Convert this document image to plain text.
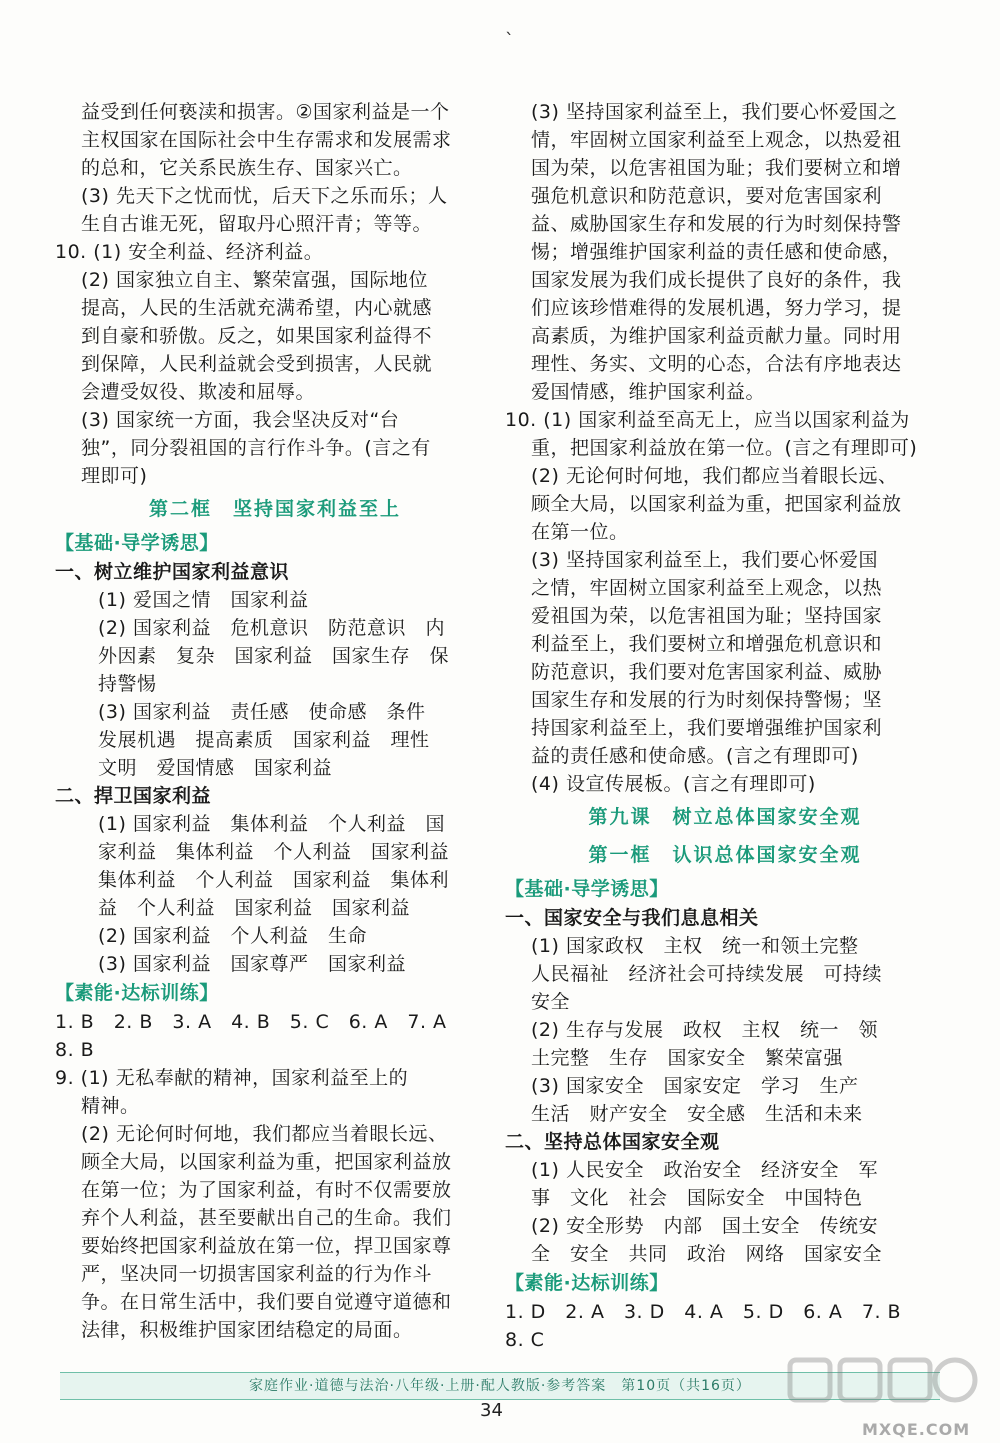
ˋ
益受到任何亵渎和损害。②国家利益是一个
主权国家在国际社会中生存需求和发展需求
的总和，它关系民族生存、国家兴亡。
(3) 先天下之忧而忧，后天下之乐而乐；人
生自古谁无死，留取丹心照汗青；等等。
10. (1) 安全利益、经济利益。
(2) 国家独立自主、繁荣富强，国际地位
提高，人民的生活就充满希望，内心就感
到自豪和骄傲。反之，如果国家利益得不
到保障，人民利益就会受到损害，人民就
会遭受奴役、欺凌和屈辱。
(3) 国家统一方面，我会坚决反对“台
独”，同分裂祖国的言行作斗争。(言之有
理即可)
第二框　坚持国家利益至上
【基础·导学诱思】
一、树立维护国家利益意识
(1) 爱国之情　国家利益
(2) 国家利益　危机意识　防范意识　内
外因素　复杂　国家利益　国家生存　保
持警惕
(3) 国家利益　责任感　使命感　条件
发展机遇　提高素质　国家利益　理性
文明　爱国情感　国家利益
二、捍卫国家利益
(1) 国家利益　集体利益　个人利益　国
家利益　集体利益　个人利益　国家利益
集体利益　个人利益　国家利益　集体利
益　个人利益　国家利益　国家利益
(2) 国家利益　个人利益　生命
(3) 国家利益　国家尊严　国家利益
【素能·达标训练】
1. B　2. B　3. A　4. B　5. C　6. A　7. A
8. B
9. (1) 无私奉献的精神，国家利益至上的
精神。
(2) 无论何时何地，我们都应当着眼长远、
顾全大局，以国家利益为重，把国家利益放
在第一位；为了国家利益，有时不仅需要放
弃个人利益，甚至要献出自己的生命。我们
要始终把国家利益放在第一位，捍卫国家尊
严，坚决同一切损害国家利益的行为作斗
争。在日常生活中，我们要自觉遵守道德和
法律，积极维护国家团结稳定的局面。
(3) 坚持国家利益至上，我们要心怀爱国之
情，牢固树立国家利益至上观念，以热爱祖
国为荣，以危害祖国为耻；我们要树立和增
强危机意识和防范意识，要对危害国家利
益、威胁国家生存和发展的行为时刻保持警
惕；增强维护国家利益的责任感和使命感，
国家发展为我们成长提供了良好的条件，我
们应该珍惜难得的发展机遇，努力学习，提
高素质，为维护国家利益贡献力量。同时用
理性、务实、文明的心态，合法有序地表达
爱国情感，维护国家利益。
10. (1) 国家利益至高无上，应当以国家利益为
重，把国家利益放在第一位。(言之有理即可)
(2) 无论何时何地，我们都应当着眼长远、
顾全大局，以国家利益为重，把国家利益放
在第一位。
(3) 坚持国家利益至上，我们要心怀爱国
之情，牢固树立国家利益至上观念，以热
爱祖国为荣，以危害祖国为耻；坚持国家
利益至上，我们要树立和增强危机意识和
防范意识，我们要对危害国家利益、威胁
国家生存和发展的行为时刻保持警惕；坚
持国家利益至上，我们要增强维护国家利
益的责任感和使命感。(言之有理即可)
(4) 设宣传展板。(言之有理即可)
第九课　树立总体国家安全观
第一框　认识总体国家安全观
【基础·导学诱思】
一、国家安全与我们息息相关
(1) 国家政权　主权　统一和领土完整
人民福祉　经济社会可持续发展　可持续
安全
(2) 生存与发展　政权　主权　统一　领
土完整　生存　国家安全　繁荣富强
(3) 国家安全　国家安定　学习　生产
生活　财产安全　安全感　生活和未来
二、坚持总体国家安全观
(1) 人民安全　政治安全　经济安全　军
事　文化　社会　国际安全　中国特色
(2) 安全形势　内部　国土安全　传统安
全　安全　共同　政治　网络　国家安全
【素能·达标训练】
1. D　2. A　3. D　4. A　5. D　6. A　7. B
8. C
家庭作业·道德与法治·八年级·上册·配人教版·参考答案　第10页（共16页）
34
MXQE.COM
